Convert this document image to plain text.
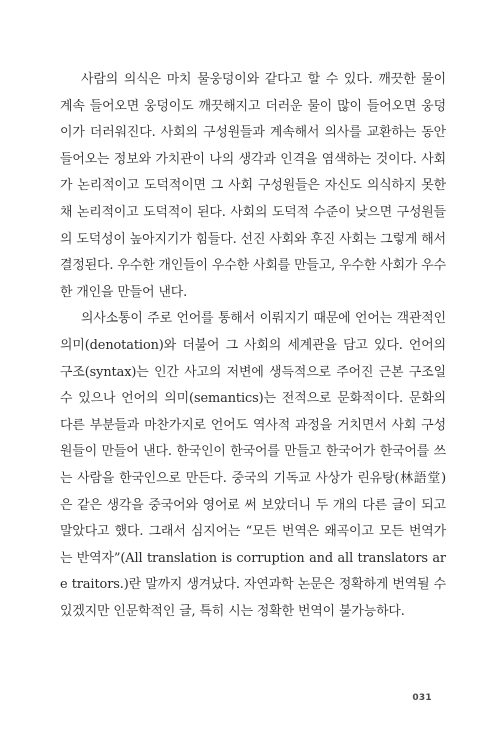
사람의 의식은 마치 물웅덩이와 같다고 할 수 있다. 깨끗한 물이 계속 들어오면 웅덩이도 깨끗해지고 더러운 물이 많이 들어오면 웅덩이가 더러워진다. 사회의 구성원들과 계속해서 의사를 교환하는 동안 들어오는 정보와 가치관이 나의 생각과 인격을 염색하는 것이다. 사회가 논리적이고 도덕적이면 그 사회 구성원들은 자신도 의식하지 못한 채 논리적이고 도덕적이 된다. 사회의 도덕적 수준이 낮으면 구성원들의 도덕성이 높아지기가 힘들다. 선진 사회와 후진 사회는 그렇게 해서 결정된다. 우수한 개인들이 우수한 사회를 만들고, 우수한 사회가 우수한 개인을 만들어 낸다.

의사소통이 주로 언어를 통해서 이뤄지기 때문에 언어는 객관적인 의미(denotation)와 더불어 그 사회의 세계관을 담고 있다. 언어의 구조(syntax)는 인간 사고의 저변에 생득적으로 주어진 근본 구조일 수 있으나 언어의 의미(semantics)는 전적으로 문화적이다. 문화의 다른 부분들과 마찬가지로 언어도 역사적 과정을 거치면서 사회 구성원들이 만들어 낸다. 한국인이 한국어를 만들고 한국어가 한국어를 쓰는 사람을 한국인으로 만든다. 중국의 기독교 사상가 린유탕(林語堂)은 같은 생각을 중국어와 영어로 써 보았더니 두 개의 다른 글이 되고 말았다고 했다. 그래서 심지어는 “모든 번역은 왜곡이고 모든 번역가는 반역자”(All translation is corruption and all translators are traitors.)란 말까지 생겨났다. 자연과학 논문은 정확하게 번역될 수 있겠지만 인문학적인 글, 특히 시는 정확한 번역이 불가능하다.

031
